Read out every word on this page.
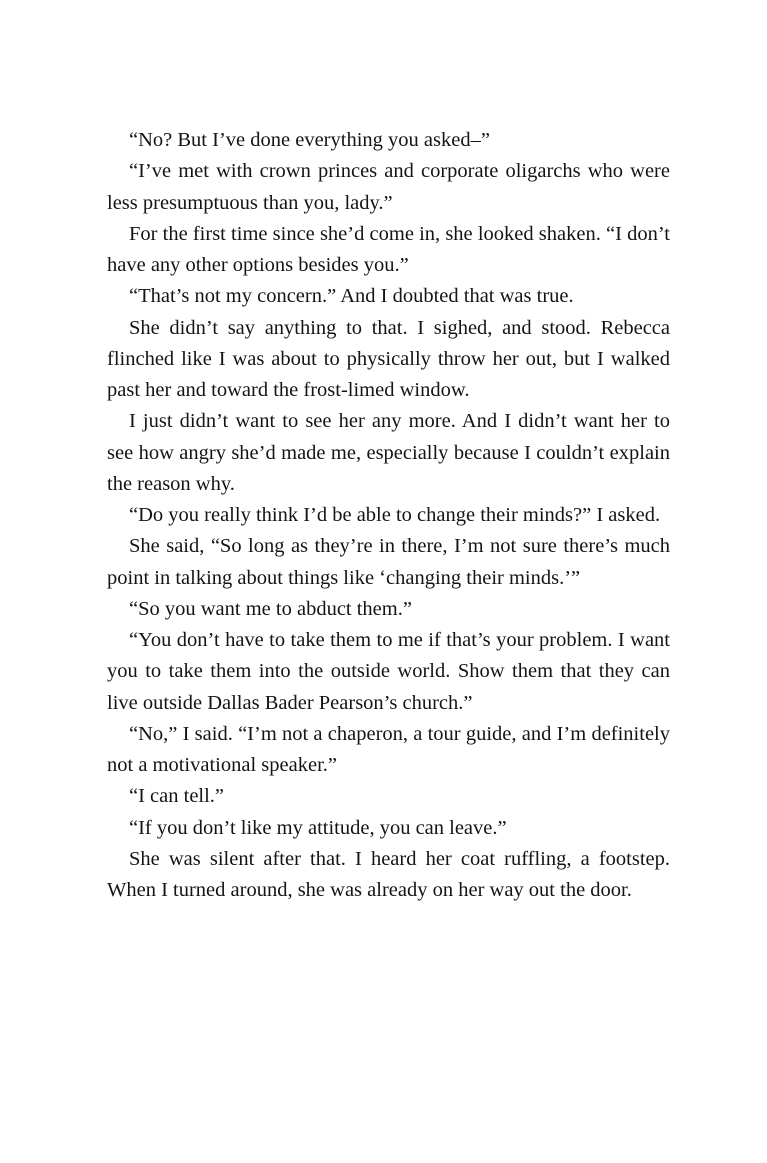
“No? But I’ve done everything you asked–”

“I’ve met with crown princes and corporate oligarchs who were less presumptuous than you, lady.”

For the first time since she’d come in, she looked shaken. “I don’t have any other options besides you.”

“That’s not my concern.” And I doubted that was true.

She didn’t say anything to that. I sighed, and stood. Rebecca flinched like I was about to physically throw her out, but I walked past her and toward the frost-limed window.

I just didn’t want to see her any more. And I didn’t want her to see how angry she’d made me, especially because I couldn’t explain the reason why.

“Do you really think I’d be able to change their minds?” I asked.

She said, “So long as they’re in there, I’m not sure there’s much point in talking about things like ‘changing their minds.’”

“So you want me to abduct them.”

“You don’t have to take them to me if that’s your problem. I want you to take them into the outside world. Show them that they can live outside Dallas Bader Pearson’s church.”

“No,” I said. “I’m not a chaperon, a tour guide, and I’m definitely not a motivational speaker.”

“I can tell.”

“If you don’t like my attitude, you can leave.”

She was silent after that. I heard her coat ruffling, a footstep. When I turned around, she was already on her way out the door.
